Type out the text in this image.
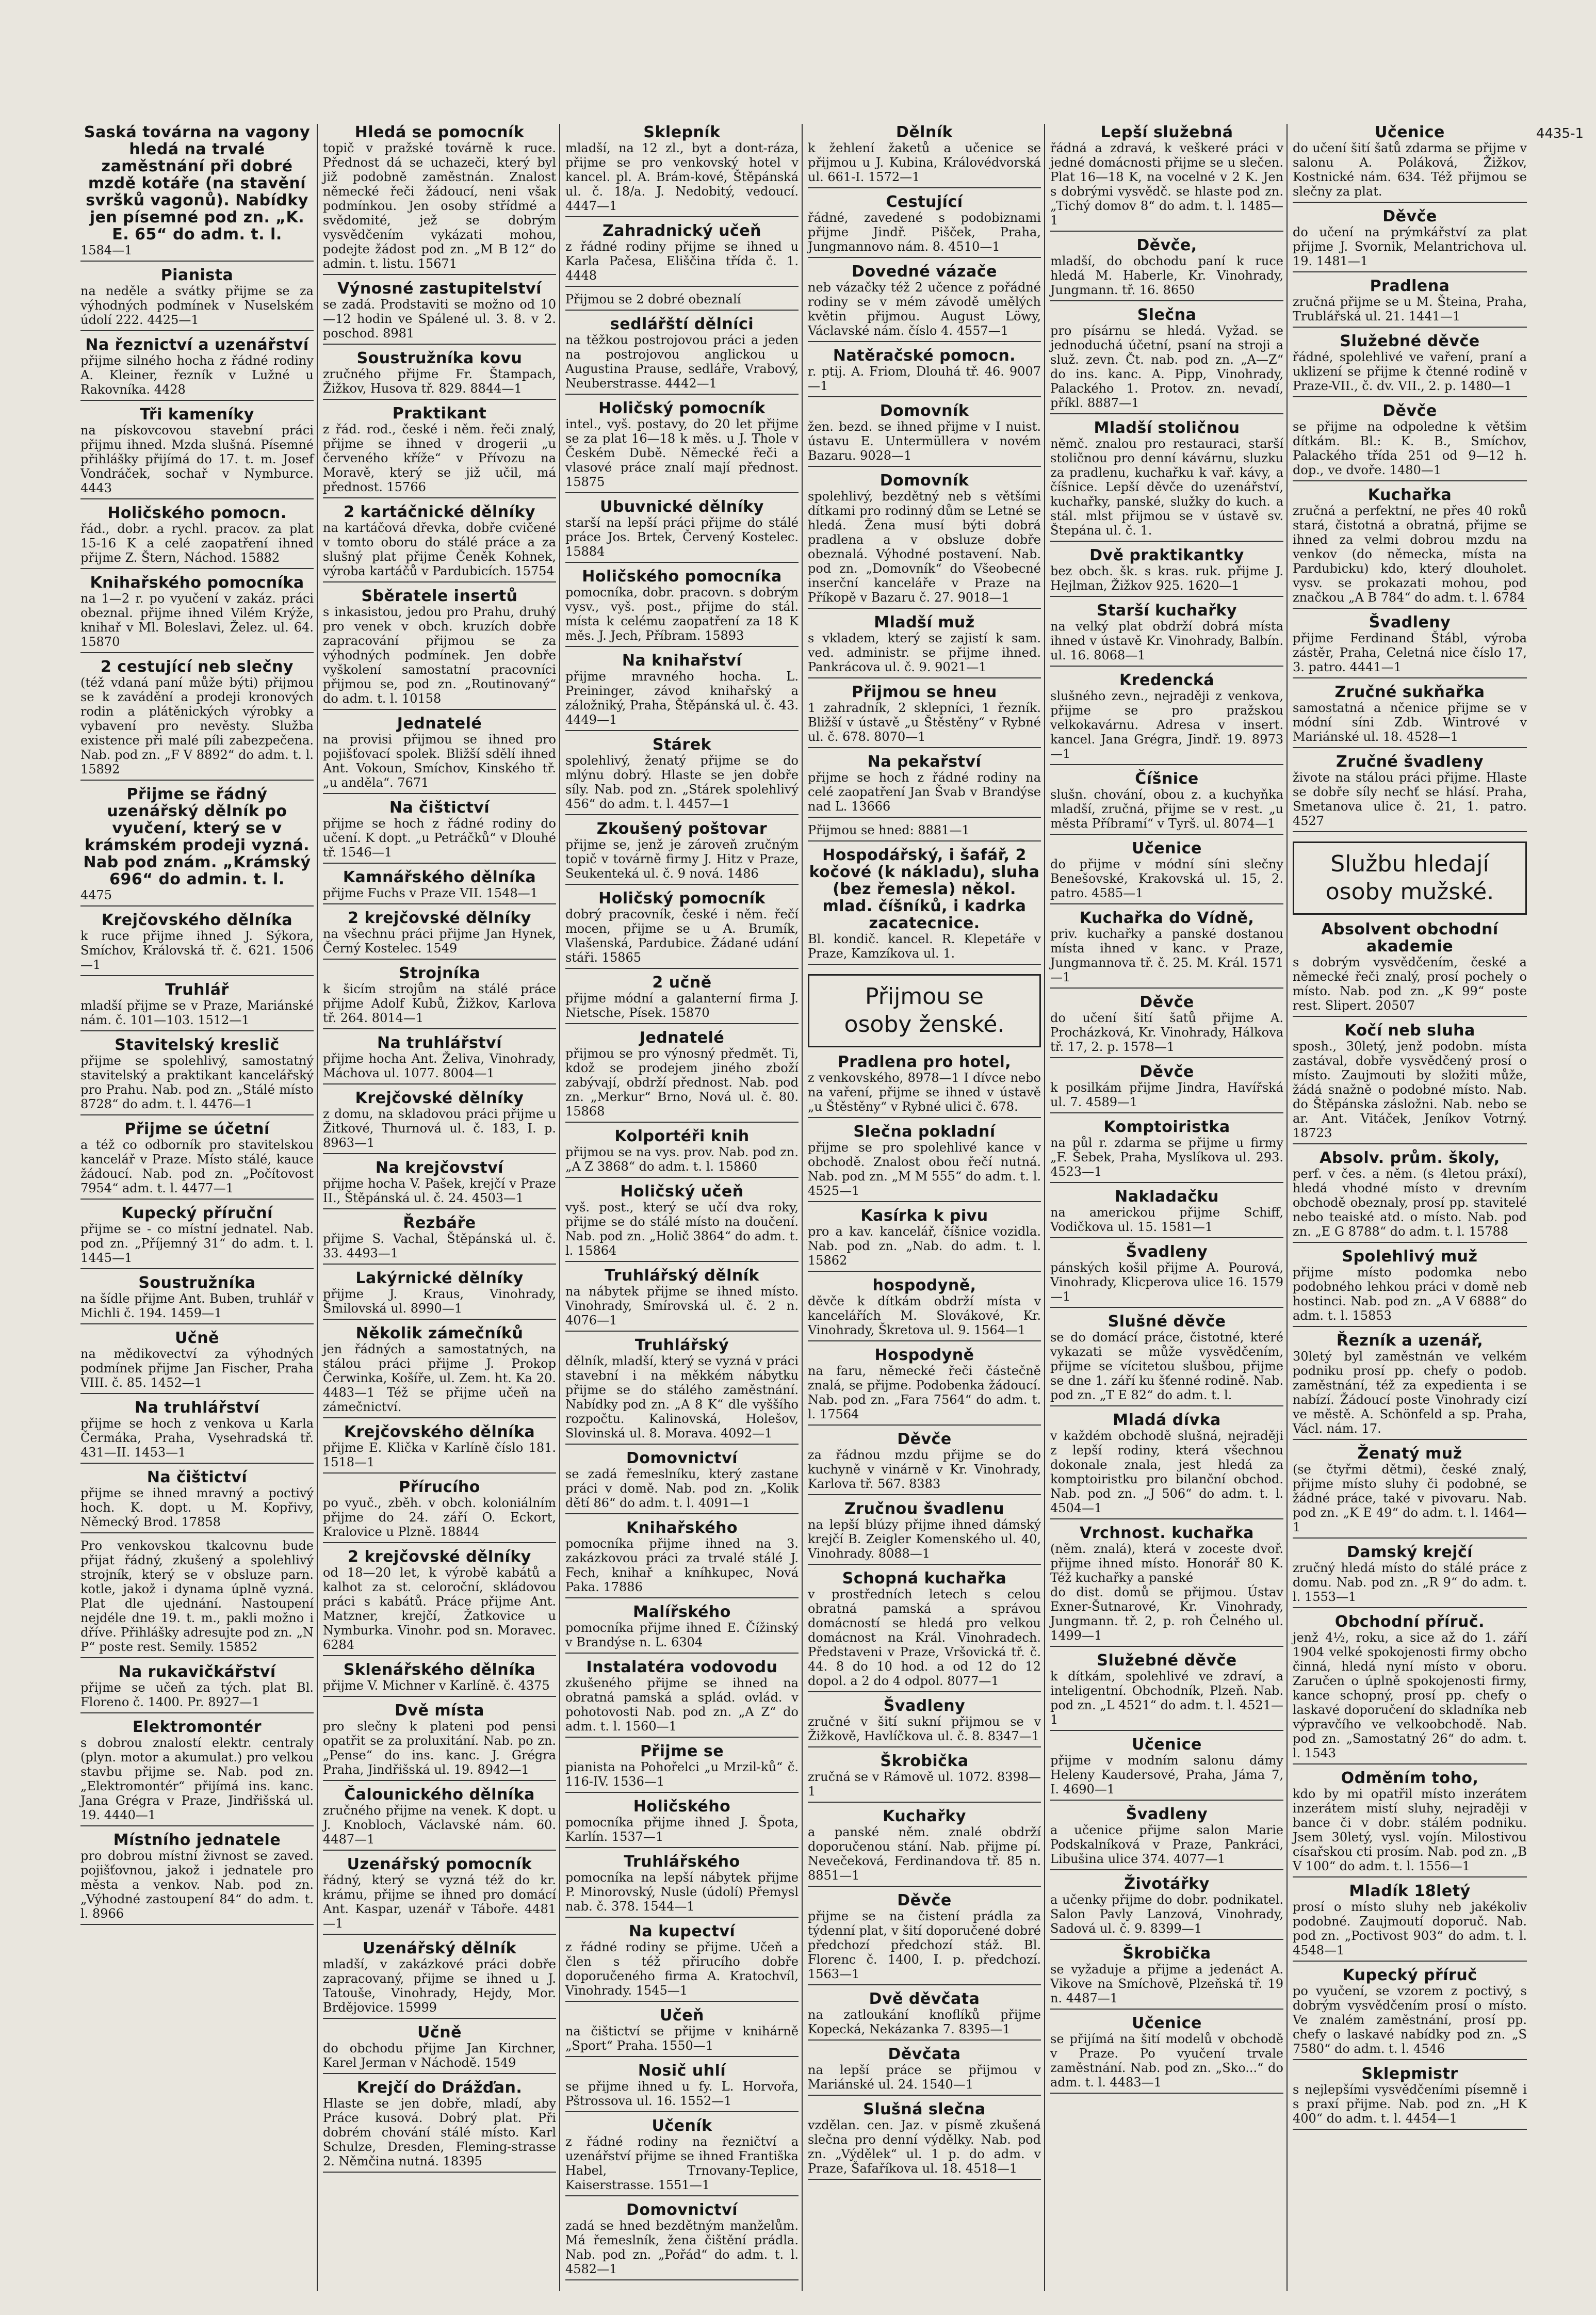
4435-1
Saská továrna na vagony hledá na trvalé zaměstnání při dobré mzdě kotáře (na stavění svršků vagonů). Nabídky jen písemné pod zn. „K. E. 65“ do adm. t. l.
1584—1
Pianista
na neděle a svátky přijme se za výhodných podmínek v Nuselském údolí 222. 4425—1
Na řeznictví a uzenářství
přijme silného hocha z řádné rodiny A. Kleiner, řezník v Lužné u Rakovníka. 4428
Tři kameníky
na pískovcovou stavební práci přijmu ihned. Mzda slušná. Písemné přihlášky přijímá do 17. t. m. Josef Vondráček, sochař v Nymburce. 4443
Holičského pomocn.
řád., dobr. a rychl. pracov. za plat 15-16 K a celé zaopatření ihned přijme Z. Štern, Náchod. 15882
Knihařského pomocníka
na 1—2 r. po vyučení v zakáz. práci obeznal. přijme ihned Vilém Krýže, knihař v Ml. Boleslavi, Želez. ul. 64. 15870
2 cestující neb slečny
(též vdaná paní může býti) přijmou se k zavádění a prodeji kronových rodin a plátěnických výrobky a vybavení pro nevěsty. Služba existence při malé píli zabezpečena. Nab. pod zn. „F V 8892“ do adm. t. l. 15892
Přijme se řádný uzenářský dělník po vyučení, který se v krámském prodeji vyzná. Nab pod znám. „Krámský 696“ do admin. t. l.
4475
Krejčovského dělníka
k ruce přijme ihned J. Sýkora, Smíchov, Královská tř. č. 621. 1506—1
Truhlář
mladší přijme se v Praze, Mariánské nám. č. 101—103. 1512—1
Stavitelský kreslič
přijme se spolehlivý, samostatný stavitelský a praktikant kancelářský pro Prahu. Nab. pod zn. „Stálé místo 8728“ do adm. t. l. 4476—1
Přijme se účetní
a též co odborník pro stavitelskou kancelář v Praze. Místo stálé, kauce žádoucí. Nab. pod zn. „Počítovost 7954“ adm. t. l. 4477—1
Kupecký příruční
přijme se - co místní jednatel. Nab. pod zn. „Příjemný 31“ do adm. t. l. 1445—1
Soustružníka
na šídle přijme Ant. Buben, truhlář v Michli č. 194. 1459—1
Učně
na mědikovectví za výhodných podmínek přijme Jan Fischer, Praha VIII. č. 85. 1452—1
Na truhlářství
přijme se hoch z venkova u Karla Čermáka, Praha, Vysehradská tř. 431—II. 1453—1
Na čištictví
přijme se ihned mravný a poctivý hoch. K. dopt. u M. Kopřivy, Německý Brod. 17858
Pro venkovskou tkalcovnu bude přijat řádný, zkušený a spolehlivý strojník, který se v obsluze parn. kotle, jakož i dynama úplně vyzná. Plat dle ujednání. Nastoupení nejdéle dne 19. t. m., pakli možno i dříve. Přihlášky adresujte pod zn. „N P“ poste rest. Semily. 15852
Na rukavičkářství
přijme se učeň za tých. plat Bl. Floreno č. 1400. Pr. 8927—1
Elektromontér
s dobrou znalostí elektr. centraly (plyn. motor a akumulat.) pro velkou stavbu přijme se. Nab. pod zn. „Elektromontér“ přijímá ins. kanc. Jana Grégra v Praze, Jindřišská ul. 19. 4440—1
Místního jednatele
pro dobrou místní živnost se zaved. pojišťovnou, jakož i jednatele pro města a venkov. Nab. pod zn. „Výhodné zastoupení 84“ do adm. t. l. 8966
Hledá se pomocník
topič v pražské továrně k ruce. Přednost dá se uchazeči, který byl již podobně zaměstnán. Znalost německé řeči žádoucí, neni však podmínkou. Jen osoby střídmé a svědomité, jež se dobrým vysvědčením vykázati mohou, podejte žádost pod zn. „M B 12“ do admin. t. listu. 15671
Výnosné zastupitelství
se zadá. Prodstaviti se možno od 10—12 hodin ve Spálené ul. 3. 8. v 2. poschod. 8981
Soustružníka kovu
zručného přijme Fr. Štampach, Žižkov, Husova tř. 829. 8844—1
Praktikant
z řád. rod., české i něm. řeči znalý, přijme se ihned v drogerii „u červeného kříže“ v Přívozu na Moravě, který se již učil, má přednost. 15766
2 kartáčnické dělníky
na kartáčová dřevka, dobře cvičené v tomto oboru do stálé práce a za slušný plat přijme Čeněk Kohnek, výroba kartáčů v Pardubicích. 15754
Sběratele insertů
s inkasistou, jedou pro Prahu, druhý pro venek v obch. kruzích dobře zapracování přijmou se za výhodných podmínek. Jen dobře vyškolení samostatní pracovníci přijmou se, pod zn. „Routinovaný“ do adm. t. l. 10158
Jednatelé
na provisi přijmou se ihned pro pojišťovací spolek. Bližší sdělí ihned Ant. Vokoun, Smíchov, Kinského tř. „u anděla“. 7671
Na čištictví
přijme se hoch z řádné rodiny do učení. K dopt. „u Petráčků“ v Dlouhé tř. 1546—1
Kamnářského dělníka
přijme Fuchs v Praze VII. 1548—1
2 krejčovské dělníky
na všechnu práci přijme Jan Hynek, Černý Kostelec. 1549
Strojníka
k šicím strojům na stálé práce přijme Adolf Kubů, Žižkov, Karlova tř. 264. 8014—1
Na truhlářství
přijme hocha Ant. Želiva, Vinohrady, Máchova ul. 1077. 8004—1
Krejčovské dělníky
z domu, na skladovou práci přijme u Žitkové, Thurnová ul. č. 183, I. p. 8963—1
Na krejčovství
přijme hocha V. Pašek, krejčí v Praze II., Štěpánská ul. č. 24. 4503—1
Řezbáře
přijme S. Vachal, Štěpánská ul. č. 33. 4493—1
Lakýrnické dělníky
přijme J. Kraus, Vinohrady, Šmilovská ul. 8990—1
Několik zámečníků
jen řádných a samostatných, na stálou práci přijme J. Prokop Čerwinka, Košíře, ul. Zem. ht. Ka 20. 4483—1 Též se přijme učeň na zámečnictví.
Krejčovského dělníka
přijme E. Klička v Karlíně číslo 181. 1518—1
Přírucího
po vyuč., zběh. v obch. koloniálním přijme do 24. září O. Eckort, Kralovice u Plzně. 18844
2 krejčovské dělníky
od 18—20 let, k výrobě kabátů a kalhot za st. celoroční, skládovou práci s kabátů. Práce přijme Ant. Matzner, krejčí, Žatkovice u Nymburka. Vinohr. pod sn. Moravec. 6284
Sklenářského dělníka
přijme V. Michner v Karlíně. č. 4375
Dvě místa
pro slečny k plateni pod pensi opatřit se za proluxitání. Nab. po zn. „Pense“ do ins. kanc. J. Grégra Praha, Jindřišská ul. 19. 8942—1
Čalounického dělníka
zručného přijme na venek. K dopt. u J. Knobloch, Václavské nám. 60. 4487—1
Uzenářský pomocník
řádný, který se vyzná též do kr. krámu, přijme se ihned pro domácí Ant. Kaspar, uzenář v Táboře. 4481—1
Uzenářský dělník
mladší, v zakázkové práci dobře zapracovaný, přijme se ihned u J. Tatouše, Vinohrady, Hejdy, Mor. Brdějovice. 15999
Učně
do obchodu přijme Jan Kirchner, Karel Jerman v Náchodě. 1549
Krejčí do Drážďan.
Hlaste se jen dobře, mladí, aby Práce kusová. Dobrý plat. Při dobrém chování stálé místo. Karl Schulze, Dresden, Fleming-strasse 2. Němčina nutná. 18395
Sklepník
mladší, na 12 zl., byt a dont-ráza, přijme se pro venkovský hotel v kancel. pl. A. Brám-kové, Štěpánská ul. č. 18/a. J. Nedobitý, vedoucí. 4447—1
Zahradnický učeň
z řádné rodiny přijme se ihned u Karla Pačesa, Eliščina třída č. 1. 4448
Přijmou se 2 dobré obeznalí
sedlářští dělníci
na těžkou postrojovou práci a jeden na postrojovou anglickou u Augustina Prause, sedláře, Vrabový, Neuberstrasse. 4442—1
Holičský pomocník
intel., vyš. postavy, do 20 let přijme se za plat 16—18 k měs. u J. Thole v Českém Dubě. Německé řeči a vlasové práce znalí mají přednost. 15875
Ubuvnické dělníky
starší na lepší práci přijme do stálé práce Jos. Brtek, Červený Kostelec. 15884
Holičského pomocníka
pomocníka, dobr. pracovn. s dobrým vysv., vyš. post., přijme do stál. místa k celému zaopatření za 18 K měs. J. Jech, Příbram. 15893
Na knihařství
přijme mravného hocha. L. Preininger, závod knihařský a záložniký, Praha, Štěpánská ul. č. 43. 4449—1
Stárek
spolehlivý, ženatý přijme se do mlýnu dobrý. Hlaste se jen dobře síly. Nab. pod zn. „Stárek spolehlivý 456“ do adm. t. l. 4457—1
Zkoušený poštovar
přijme se, jenž je zároveň zručným topič v továrně firmy J. Hitz v Praze, Seukenteká ul. č. 9 nová. 1486
Holičský pomocník
dobrý pracovník, české i něm. řečí mocen, přijme se u A. Brumík, Vlašenská, Pardubice. Žádané udání stáři. 15865
2 učně
přijme módní a galanterní firma J. Nietsche, Písek. 15870
Jednatelé
přijmou se pro výnosný předmět. Ti, kdož se prodejem jiného zboží zabývají, obdrží přednost. Nab. pod zn. „Merkur“ Brno, Nová ul. č. 80. 15868
Kolportéři knih
přijmou se na vys. prov. Nab. pod zn. „A Z 3868“ do adm. t. l. 15860
Holičský učeň
vyš. post., který se učí dva roky, přijme se do stálé místo na doučení. Nab. pod zn. „Holič 3864“ do adm. t. l. 15864
Truhlářský dělník
na nábytek přijme se ihned místo. Vinohrady, Smírovská ul. č. 2 n. 4076—1
Truhlářský
dělník, mladší, který se vyzná v práci stavební i na měkkém nábytku přijme se do stálého zaměstnání. Nabídky pod zn. „A 8 K“ dle vyššího rozpočtu. Kalinovská, Holešov, Slovinská ul. 8. Morava. 4092—1
Domovnictví
se zadá řemeslníku, který zastane práci v domě. Nab. pod zn. „Kolik dětí 86“ do adm. t. l. 4091—1
Knihařského
pomocníka přijme ihned na 3. zakázkovou práci za trvalé stálé J. Fech, knihař a kníhkupec, Nová Paka. 17886
Malířského
pomocníka přijme ihned E. Čížinský v Brandýse n. L. 6304
Instalatéra vodovodu
zkušeného přijme se ihned na obratná pamská a splád. ovlád. v pohotovosti Nab. pod zn. „A Z“ do adm. t. l. 1560—1
Přijme se
pianista na Pohořelci „u Mrzil-ků“ č. 116-IV. 1536—1
Holičského
pomocníka přijme ihned J. Špota, Karlín. 1537—1
Truhlářského
pomocníka na lepší nábytek přijme P. Minorovský, Nusle (údolí) Přemysl nab. č. 378. 1544—1
Na kupectví
z řádné rodiny se přijme. Učeň a člen s též přirucího dobře doporučeného firma A. Kratochvíl, Vinohrady. 1545—1
Učeň
na čištictví se přijme v knihárně „Sport“ Praha. 1550—1
Nosič uhlí
se přijme ihned u fy. L. Horvořa, Pštrossova ul. 16. 1552—1
Učeník
z řádné rodiny na řezničtví a uzenářství přijme se ihned Františka Habel, Trnovany-Teplice, Kaiserstrasse. 1551—1
Domovnictví
zadá se hned bezdětným manželům. Má řemeslník, žena čištění prádla. Nab. pod zn. „Pořád“ do adm. t. l. 4582—1
Dělník
k žehlení žaketů a učenice se přijmou u J. Kubina, Královédvorská ul. 661-I. 1572—1
Cestující
řádné, zavedené s podobiznami přijme Jindř. Pišček, Praha, Jungmannovo nám. 8. 4510—1
Dovedné vázače
neb vázačky též 2 učence z pořádné rodiny se v mém závodě umělých květin přijmou. August Löwy, Václavské nám. číslo 4. 4557—1
Natěračské pomocn.
r. ptij. A. Friom, Dlouhá tř. 46. 9007—1
Domovník
žen. bezd. se ihned přijme v I nuist. ústavu E. Untermüllera v novém Bazaru. 9028—1
Domovník
spolehlivý, bezdětný neb s většími dítkami pro rodinný dům se Letné se hledá. Žena musí býti dobrá pradlena a v obsluze dobře obeznalá. Výhodné postavení. Nab. pod zn. „Domovník“ do Všeobecné inserční kanceláře v Praze na Příkopě v Bazaru č. 27. 9018—1
Mladší muž
s vkladem, který se zajistí k sam. ved. administr. se přijme ihned. Pankrácova ul. č. 9. 9021—1
Přijmou se hneu
1 zahradník, 2 sklepníci, 1 řezník. Bližší v ústavě „u Štěstěny“ v Rybné ul. č. 678. 8070—1
Na pekařství
přijme se hoch z řádné rodiny na celé zaopatření Jan Švab v Brandýse nad L. 13666
Přijmou se hned: 8881—1
Hospodářský, i šafář, 2 kočové (k nákladu), sluha (bez řemesla) někol. mlad. číšníků, i kadrka zacatecnice.
Bl. kondič. kancel. R. Klepetáře v Praze, Kamzíkova ul. 1.
Přijmou se
osoby ženské.
Pradlena pro hotel,
z venkovského, 8978—1 I dívce nebo na vaření, přijme se ihned v ústavě „u Štěstěny“ v Rybné ulici č. 678.
Slečna pokladní
přijme se pro spolehlivé kance v obchodě. Znalost obou řečí nutná. Nab. pod zn. „M M 555“ do adm. t. l. 4525—1
Kasírka k pivu
pro a kav. kancelář, číšnice vozidla. Nab. pod zn. „Nab. do adm. t. l. 15862
hospodyně,
děvče k dítkám obdrží místa v kancelářích M. Slovákové, Kr. Vinohrady, Škretova ul. 9. 1564—1
Hospodyně
na faru, německé řeči částečně znalá, se přijme. Podobenka žádoucí. Nab. pod zn. „Fara 7564“ do adm. t. l. 17564
Děvče
za řádnou mzdu přijme se do kuchyně v vinárně v Kr. Vinohrady, Karlova tř. 567. 8383
Zručnou švadlenu
na lepší blúzy přijme ihned dámský krejčí B. Zeigler Komenského ul. 40, Vinohrady. 8088—1
Schopná kuchařka
v prostředních letech s celou obratná pamská a správou domácností se hledá pro velkou domácnost na Král. Vinohradech. Představeni v Praze, Vršovická tř. č. 44. 8 do 10 hod. a od 12 do 12 dopol. a 2 do 4 odpol. 8077—1
Švadleny
zručné v šití sukní přijmou se v Žižkově, Havlíčkova ul. č. 8. 8347—1
Škrobička
zručná se v Rámově ul. 1072. 8398—1
Kuchařky
a panské něm. znalé obdrží doporučenou stání. Nab. přijme pí. Nevečeková, Ferdinandova tř. 85 n. 8851—1
Děvče
přijme se na čistení prádla za týdenní plat, v šití doporučené dobré předchozí předchozí stáž. Bl. Florenc č. 1400, I. p. předchozí. 1563—1
Dvě děvčata
na zatloukání knoflíků přijme Kopecká, Nekázanka 7. 8395—1
Děvčata
na lepší práce se přijmou v Mariánské ul. 24. 1540—1
Slušná slečna
vzdělan. cen. Jaz. v písmě zkušená slečna pro denní výdělky. Nab. pod zn. „Výdělek“ ul. 1 p. do adm. v Praze, Šafaříkova ul. 18. 4518—1
Lepší služebná
řádná a zdravá, k veškeré práci v jedné domácnosti přijme se u slečen. Plat 16—18 K, na vocelné v 2 K. Jen s dobrými vysvědč. se hlaste pod zn. „Tichý domov 8“ do adm. t. l. 1485—1
Děvče,
mladší, do obchodu paní k ruce hledá M. Haberle, Kr. Vinohrady, Jungmann. tř. 16. 8650
Slečna
pro písárnu se hledá. Vyžad. se jednoduchá účetní, psaní na stroji a služ. zevn. Čt. nab. pod zn. „A—Z“ do ins. kanc. A. Pipp, Vinohrady, Palackého 1. Protov. zn. nevadí, příkl. 8887—1
Mladší stoličnou
němč. znalou pro restauraci, starší stoličnou pro denní kávárnu, sluzku za pradlenu, kuchařku k vař. kávy, a číšnice. Lepší děvče do uzenářství, kuchařky, panské, služky do kuch. a stál. mlst přijmou se v ústavě sv. Štepána ul. č. 1.
Dvě praktikantky
bez obch. šk. s kras. ruk. přijme J. Hejlman, Žižkov 925. 1620—1
Starší kuchařky
na velký plat obdrží dobrá místa ihned v ústavě Kr. Vinohrady, Balbín. ul. 16. 8068—1
Kredencká
slušného zevn., nejraději z venkova, přijme se pro pražskou velkokavárnu. Adresa v insert. kancel. Jana Grégra, Jindř. 19. 8973—1
Číšnice
slušn. chování, obou z. a kuchyňka mladší, zručná, přijme se v rest. „u města Příbramí“ v Tyrš. ul. 8074—1
Učenice
do přijme v módní síni slečny Benešovské, Krakovská ul. 15, 2. patro. 4585—1
Kuchařka do Vídně,
priv. kuchařky a panské dostanou místa ihned v kanc. v Praze, Jungmannova tř. č. 25. M. Král. 1571—1
Děvče
do učení šití šatů přijme A. Procházková, Kr. Vinohrady, Hálkova tř. 17, 2. p. 1578—1
Děvče
k posilkám přijme Jindra, Havířská ul. 7. 4589—1
Komptoiristka
na půl r. zdarma se přijme u firmy „F. Šebek, Praha, Myslíkova ul. 293. 4523—1
Nakladačku
na americkou přijme Schiff, Vodičkova ul. 15. 1581—1
Švadleny
pánských košil přijme A. Pourová, Vinohrady, Klicperova ulice 16. 1579—1
Slušné děvče
se do domácí práce, čistotné, které vykazati se může vysvědčením, přijme se vícitetou slušbou, přijme se dne 1. září ku šťenné rodině. Nab. pod zn. „T E 82“ do adm. t. l.
Mladá dívka
v každém obchodě slušná, nejraději z lepší rodiny, která všechnou dokonale znala, jest hledá za komptoiristku pro bilanční obchod. Nab. pod zn. „J 506“ do adm. t. l. 4504—1
Vrchnost. kuchařka
(něm. znalá), která v zoceste dvoř. přijme ihned místo. Honorář 80 K. Též kuchařky a panské
do dist. domů se přijmou. Ústav Exner-Šutnarové, Kr. Vinohrady, Jungmann. tř. 2, p. roh Čelného ul. 1499—1
Služebné děvče
k dítkám, spolehlivé ve zdraví, a inteligentní. Obchodník, Plzeň. Nab. pod zn. „L 4521“ do adm. t. l. 4521—1
Učenice
přijme v modním salonu dámy Heleny Kaudersové, Praha, Jáma 7, I. 4690—1
Švadleny
a učenice přijme salon Marie Podskalníková v Praze, Pankráci, Libušina ulice 374. 4077—1
Životářky
a učenky přijme do dobr. podnikatel. Salon Pavly Lanzová, Vinohrady, Sadová ul. č. 9. 8399—1
Škrobička
se vyžaduje a přijme a jedenáct A. Vikove na Smíchově, Plzeňská tř. 19 n. 4487—1
Učenice
se přijímá na šití modelů v obchodě v Praze. Po vyučení trvale zaměstnání. Nab. pod zn. „Sko...“ do adm. t. l. 4483—1
Učenice
do učení šití šatů zdarma se přijme v salonu A. Poláková, Žižkov, Kostnické nám. 634. Též přijmou se slečny za plat.
Děvče
do učení na prýmkářství za plat přijme J. Svornik, Melantrichova ul. 19. 1481—1
Pradlena
zručná přijme se u M. Šteina, Praha, Trublářská ul. 21. 1441—1
Služebné děvče
řádné, spolehlivé ve vaření, praní a uklizení se přijme k čtenné rodině v Praze-VII., č. dv. VII., 2. p. 1480—1
Děvče
se přijme na odpoledne k většim dítkám. Bl.: K. B., Smíchov, Palackého třída 251 od 9—12 h. dop., ve dvoře. 1480—1
Kuchařka
zručná a perfektní, ne přes 40 roků stará, čistotná a obratná, přijme se ihned za velmi dobrou mzdu na venkov (do německa, místa na Pardubicku) kdo, který dlouholet. vysv. se prokazati mohou, pod značkou „A B 784“ do adm. t. l. 6784
Švadleny
přijme Ferdinand Štábl, výroba zástěr, Praha, Celetná nice číslo 17, 3. patro. 4441—1
Zručné sukňařka
samostatná a nčenice přijme se v módní síni Zdb. Wintrové v Mariánské ul. 18. 4528—1
Zručné švadleny
živote na stálou práci přijme. Hlaste se dobře síly nechť se hlásí. Praha, Smetanova ulice č. 21, 1. patro. 4527
Službu hledají
osoby mužské.
Absolvent obchodní akademie
s dobrým vysvědčením, české a německé řeči znalý, prosí pochely o místo. Nab. pod zn. „K 99“ poste rest. Slipert. 20507
Kočí neb sluha
sposh., 30letý, jenž podobn. místa zastával, dobře vysvědčený prosí o místo. Zaujmouti by složiti může, žádá snažně o podobné místo. Nab. do Štěpánska zásložni. Nab. nebo se ar. Ant. Vitáček, Jeníkov Votrný. 18723
Absolv. prům. školy,
perf. v čes. a něm. (s 4letou práxí), hledá vhodné místo v drevním obchodě obeznaly, prosí pp. stavitelé nebo teaiské atd. o místo. Nab. pod zn. „E G 8788“ do adm. t. l. 15788
Spolehlivý muž
přijme místo podomka nebo podobného lehkou práci v domě neb hostinci. Nab. pod zn. „A V 6888“ do adm. t. l. 15853
Řezník a uzenář,
30letý byl zaměstnán ve velkém podniku prosí pp. chefy o podob. zaměstnání, též za expedienta i se nabízí. Žádoucí poste Vinohrady cizí ve městě. A. Schönfeld a sp. Praha, Václ. nám. 17.
Ženatý muž
(se čtyřmi dětmi), české znalý, přijme místo sluhy či podobné, se žádné práce, také v pivovaru. Nab. pod zn. „K E 49“ do adm. t. l. 1464—1
Damský krejčí
zručný hledá místo do stálé práce z domu. Nab. pod zn. „R 9“ do adm. t. l. 1553—1
Obchodní příruč.
jenž 4½, roku, a sice až do 1. září 1904 velké spokojenosti firmy obcho činná, hledá nyní místo v oboru. Zaručen o úplně spokojenosti firmy, kance schopný, prosí pp. chefy o laskavé doporučení do skladníka neb výpravčího ve velkoobchodě. Nab. pod zn. „Samostatný 26“ do adm. t. l. 1543
Odměním toho,
kdo by mi opatřil místo inzerátem inzerátem mistí sluhy, nejraději v bance či v dobr. stálém podniku. Jsem 30letý, vysl. vojín. Milostivou císařskou cti prosím. Nab. pod zn. „B V 100“ do adm. t. l. 1556—1
Mladík 18letý
prosí o místo sluhy neb jakékoliv podobné. Zaujmoutí doporuč. Nab. pod zn. „Poctivost 903“ do adm. t. l. 4548—1
Kupecký příruč
po vyučení, se vzorem z poctivý, s dobrým vysvědčením prosí o místo. Ve znalém zaměstnání, prosí pp. chefy o laskavé nabídky pod zn. „S 7580“ do adm. t. l. 4546
Sklepmistr
s nejlepšími vysvědčeními písemně i s praxí přijme. Nab. pod zn. „H K 400“ do adm. t. l. 4454—1
